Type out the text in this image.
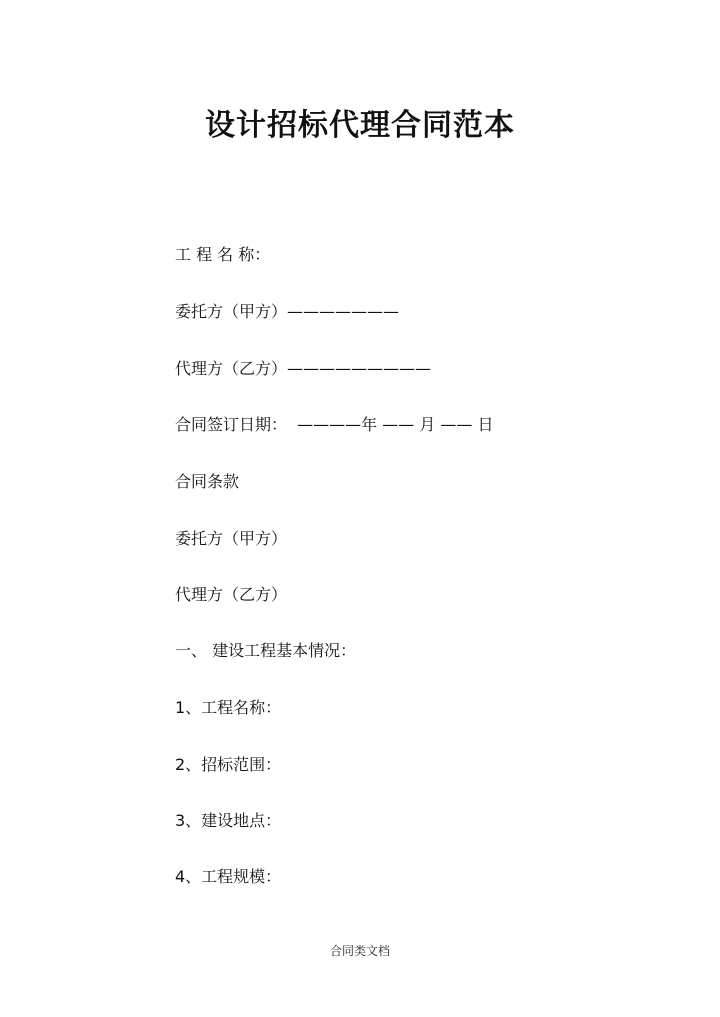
设计招标代理合同范本
工 程 名 称：
委托方（甲方）———————
代理方（乙方）—————————
合同签订日期：  ————年 —— 月 —— 日
合同条款
委托方（甲方）
代理方（乙方）
一、 建设工程基本情况：
1、工程名称：
2、招标范围：
3、建设地点：
4、工程规模：
合同类文档
